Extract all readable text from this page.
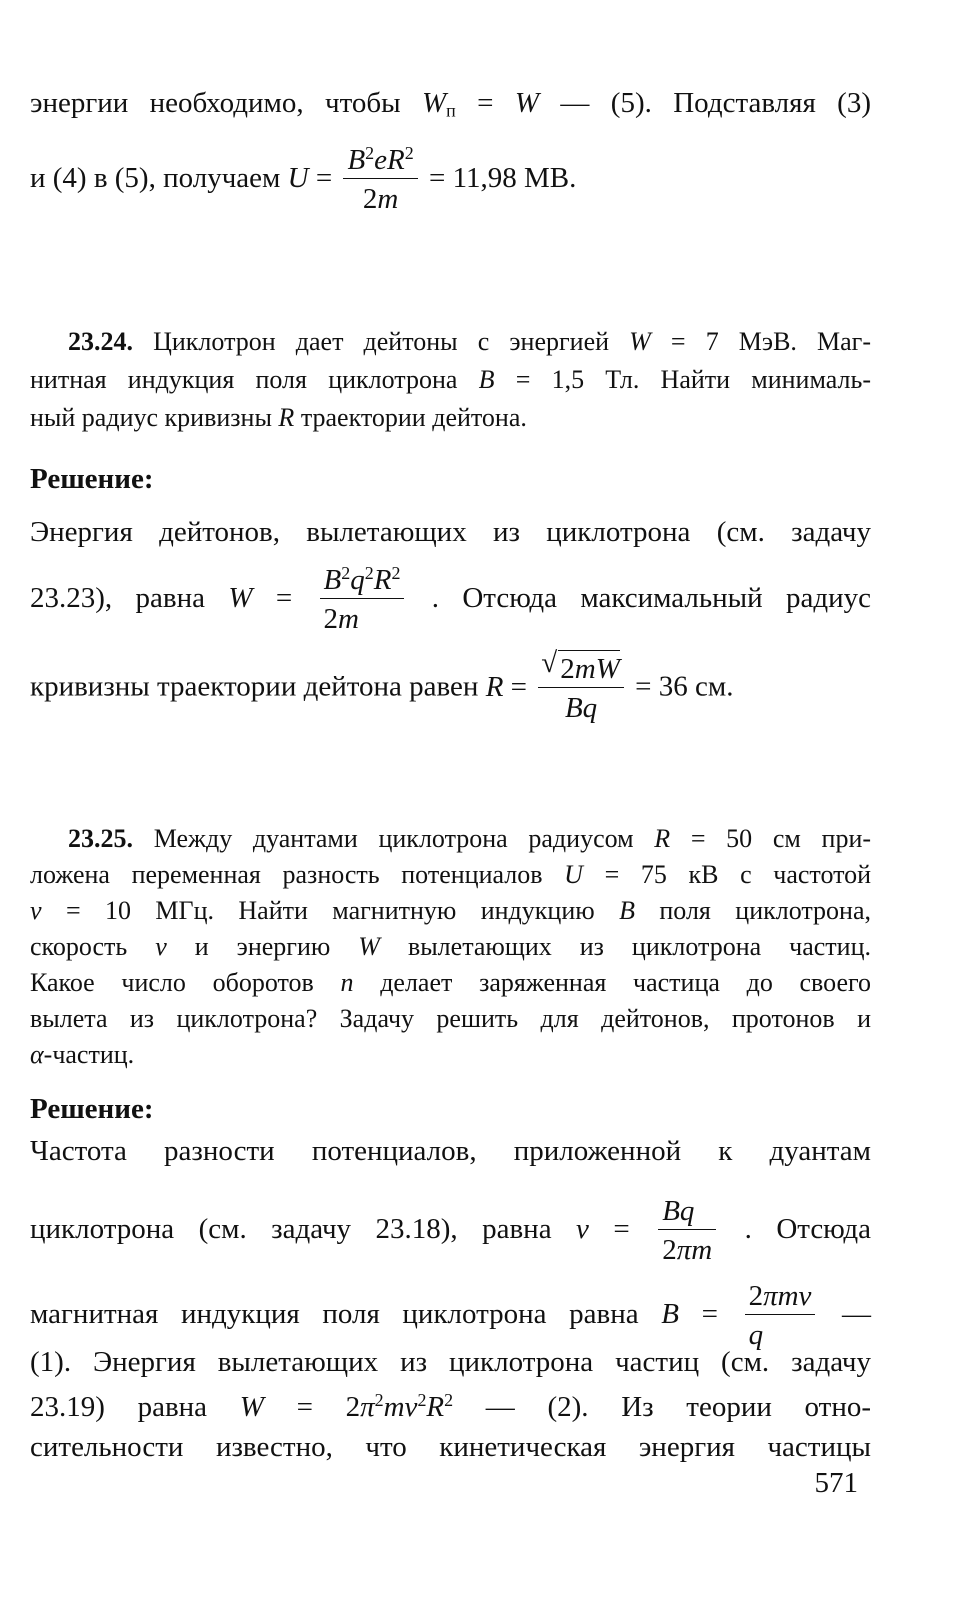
энергии необходимо, чтобы $W_п = W$ — (5). Подставляя (3)
и (4) в (5), получаем $U = \frac{B^2eR^2}{2m} = 11,98$ МВ.
23.24. Циклотрон дает дейтоны с энергией W = 7 МэВ. Маг-
нитная индукция поля циклотрона B = 1,5 Тл. Найти минималь-
ный радиус кривизны R траектории дейтона.
Решение:
Энергия дейтонов, вылетающих из циклотрона (см. задачу
23.23), равна $W = \frac{B^2q^2R^2}{2m}$ . Отсюда максимальный радиус
кривизны траектории дейтона равен R =
√ $\frac{2mW}{Bq} = 36$ см.
23.25. Между дуантами циклотрона радиусом R = 50 см при-
ложена переменная разность потенциалов U = 75 кВ с частотой
ν = 10 МГц. Найти магнитную индукцию B поля циклотрона,
скорость v и энергию W вылетающих из циклотрона частиц.
Какое число оборотов n делает заряженная частица до своего
вылета из циклотрона? Задачу решить для дейтонов, протонов и
α-частиц.
Решение:
Частота разности потенциалов, приложенной к дуантам
циклотрона (см. задачу 23.18), равна $\nu = \frac{Bq}{2\pi m}$ . Отсюда
магнитная индукция поля циклотрона равна $B = \frac{\text{2πmν}}{q}$ —
(1). Энергия вылетающих из циклотрона частиц (см. задачу
23.19) равна $W = 2\pi^2m\nu^2R^2$ — (2). Из теории отно-
сительности известно, что кинетическая энергия частицы
571
